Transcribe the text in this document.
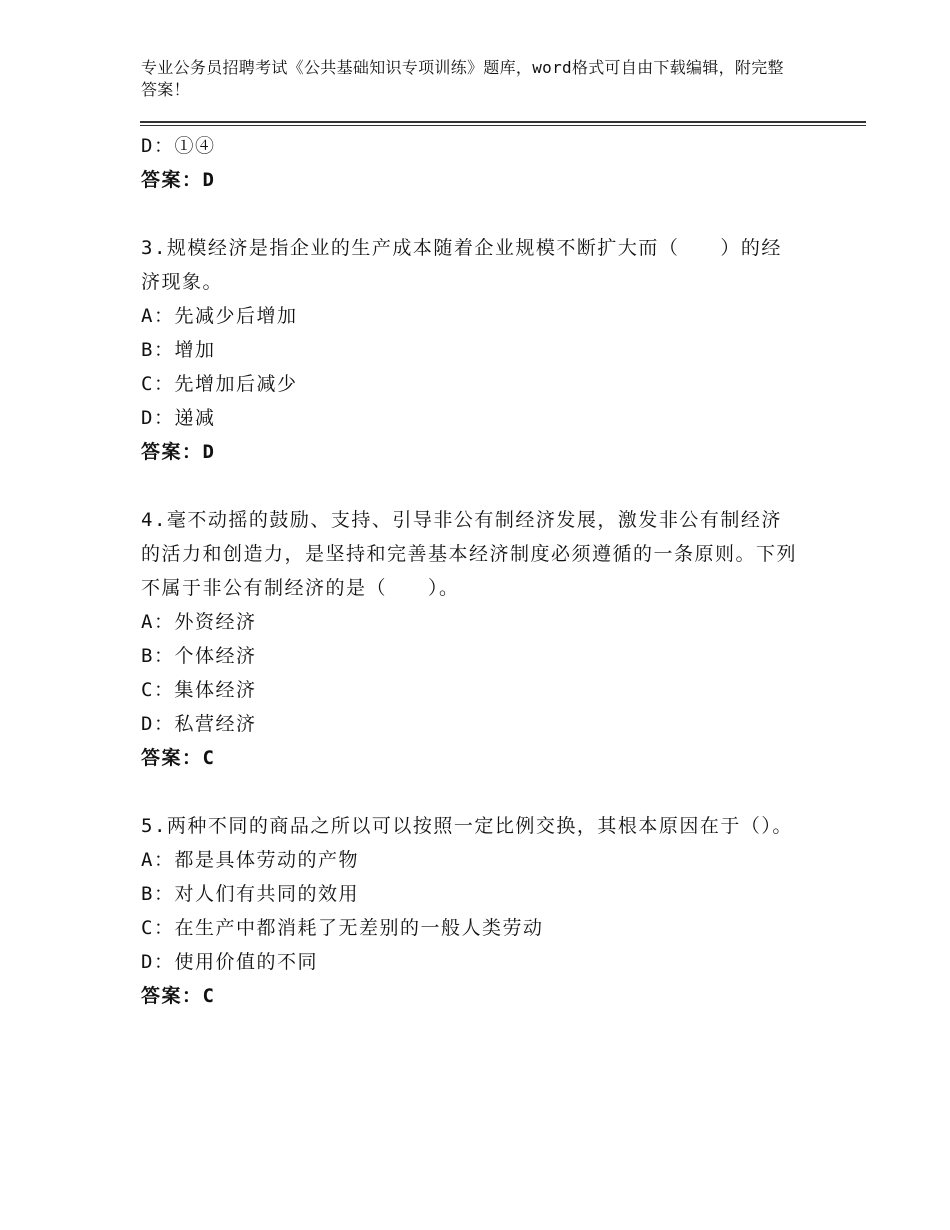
专业公务员招聘考试《公共基础知识专项训练》题库，word格式可自由下载编辑，附完整答案！
D：①④
答案：D
3.规模经济是指企业的生产成本随着企业规模不断扩大而（　　）的经济现象。
A：先减少后增加
B：增加
C：先增加后减少
D：递减
答案：D
4.毫不动摇的鼓励、支持、引导非公有制经济发展，激发非公有制经济的活力和创造力，是坚持和完善基本经济制度必须遵循的一条原则。下列不属于非公有制经济的是（　　）。
A：外资经济
B：个体经济
C：集体经济
D：私营经济
答案：C
5.两种不同的商品之所以可以按照一定比例交换，其根本原因在于（）。
A：都是具体劳动的产物
B：对人们有共同的效用
C：在生产中都消耗了无差别的一般人类劳动
D：使用价值的不同
答案：C
